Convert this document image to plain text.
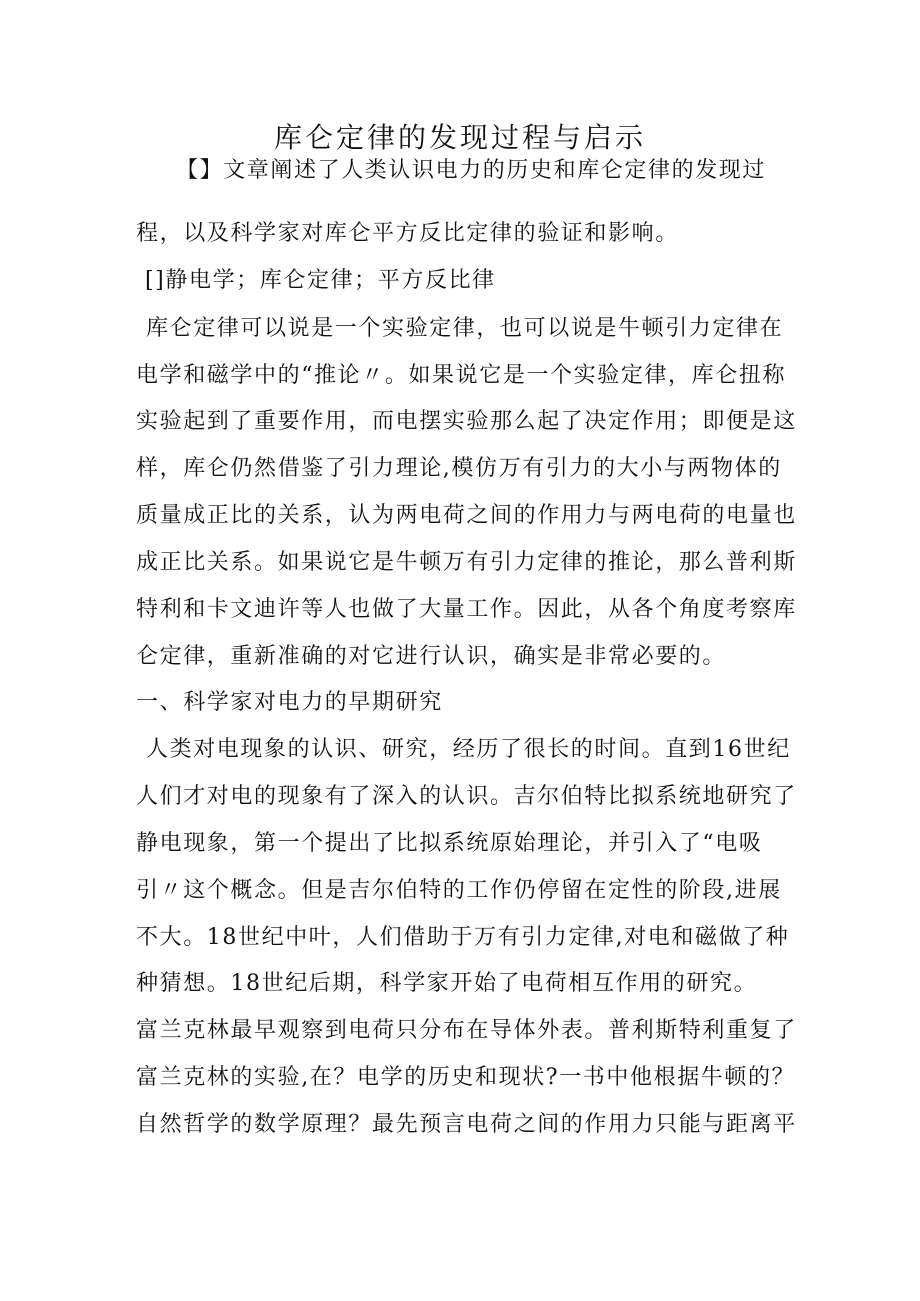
库仑定律的发现过程与启示
【】文章阐述了人类认识电力的历史和库仑定律的发现过
程，以及科学家对库仑平方反比定律的验证和影响。
[]静电学；库仑定律；平方反比律
库仑定律可以说是一个实验定律，也可以说是牛顿引力定律在
电学和磁学中的“推论〃。如果说它是一个实验定律，库仑扭称
实验起到了重要作用，而电摆实验那么起了决定作用；即便是这
样，库仑仍然借鉴了引力理论,模仿万有引力的大小与两物体的
质量成正比的关系，认为两电荷之间的作用力与两电荷的电量也
成正比关系。如果说它是牛顿万有引力定律的推论，那么普利斯
特利和卡文迪许等人也做了大量工作。因此，从各个角度考察库
仑定律，重新准确的对它进行认识，确实是非常必要的。
一、科学家对电力的早期研究
人类对电现象的认识、研究，经历了很长的时间。直到16世纪
人们才对电的现象有了深入的认识。吉尔伯特比拟系统地研究了
静电现象，第一个提出了比拟系统原始理论，并引入了“电吸
引〃这个概念。但是吉尔伯特的工作仍停留在定性的阶段,进展
不大。18世纪中叶，人们借助于万有引力定律,对电和磁做了种
种猜想。18世纪后期，科学家开始了电荷相互作用的研究。
富兰克林最早观察到电荷只分布在导体外表。普利斯特利重复了
富兰克林的实验,在？电学的历史和现状?一书中他根据牛顿的？
自然哲学的数学原理？最先预言电荷之间的作用力只能与距离平
